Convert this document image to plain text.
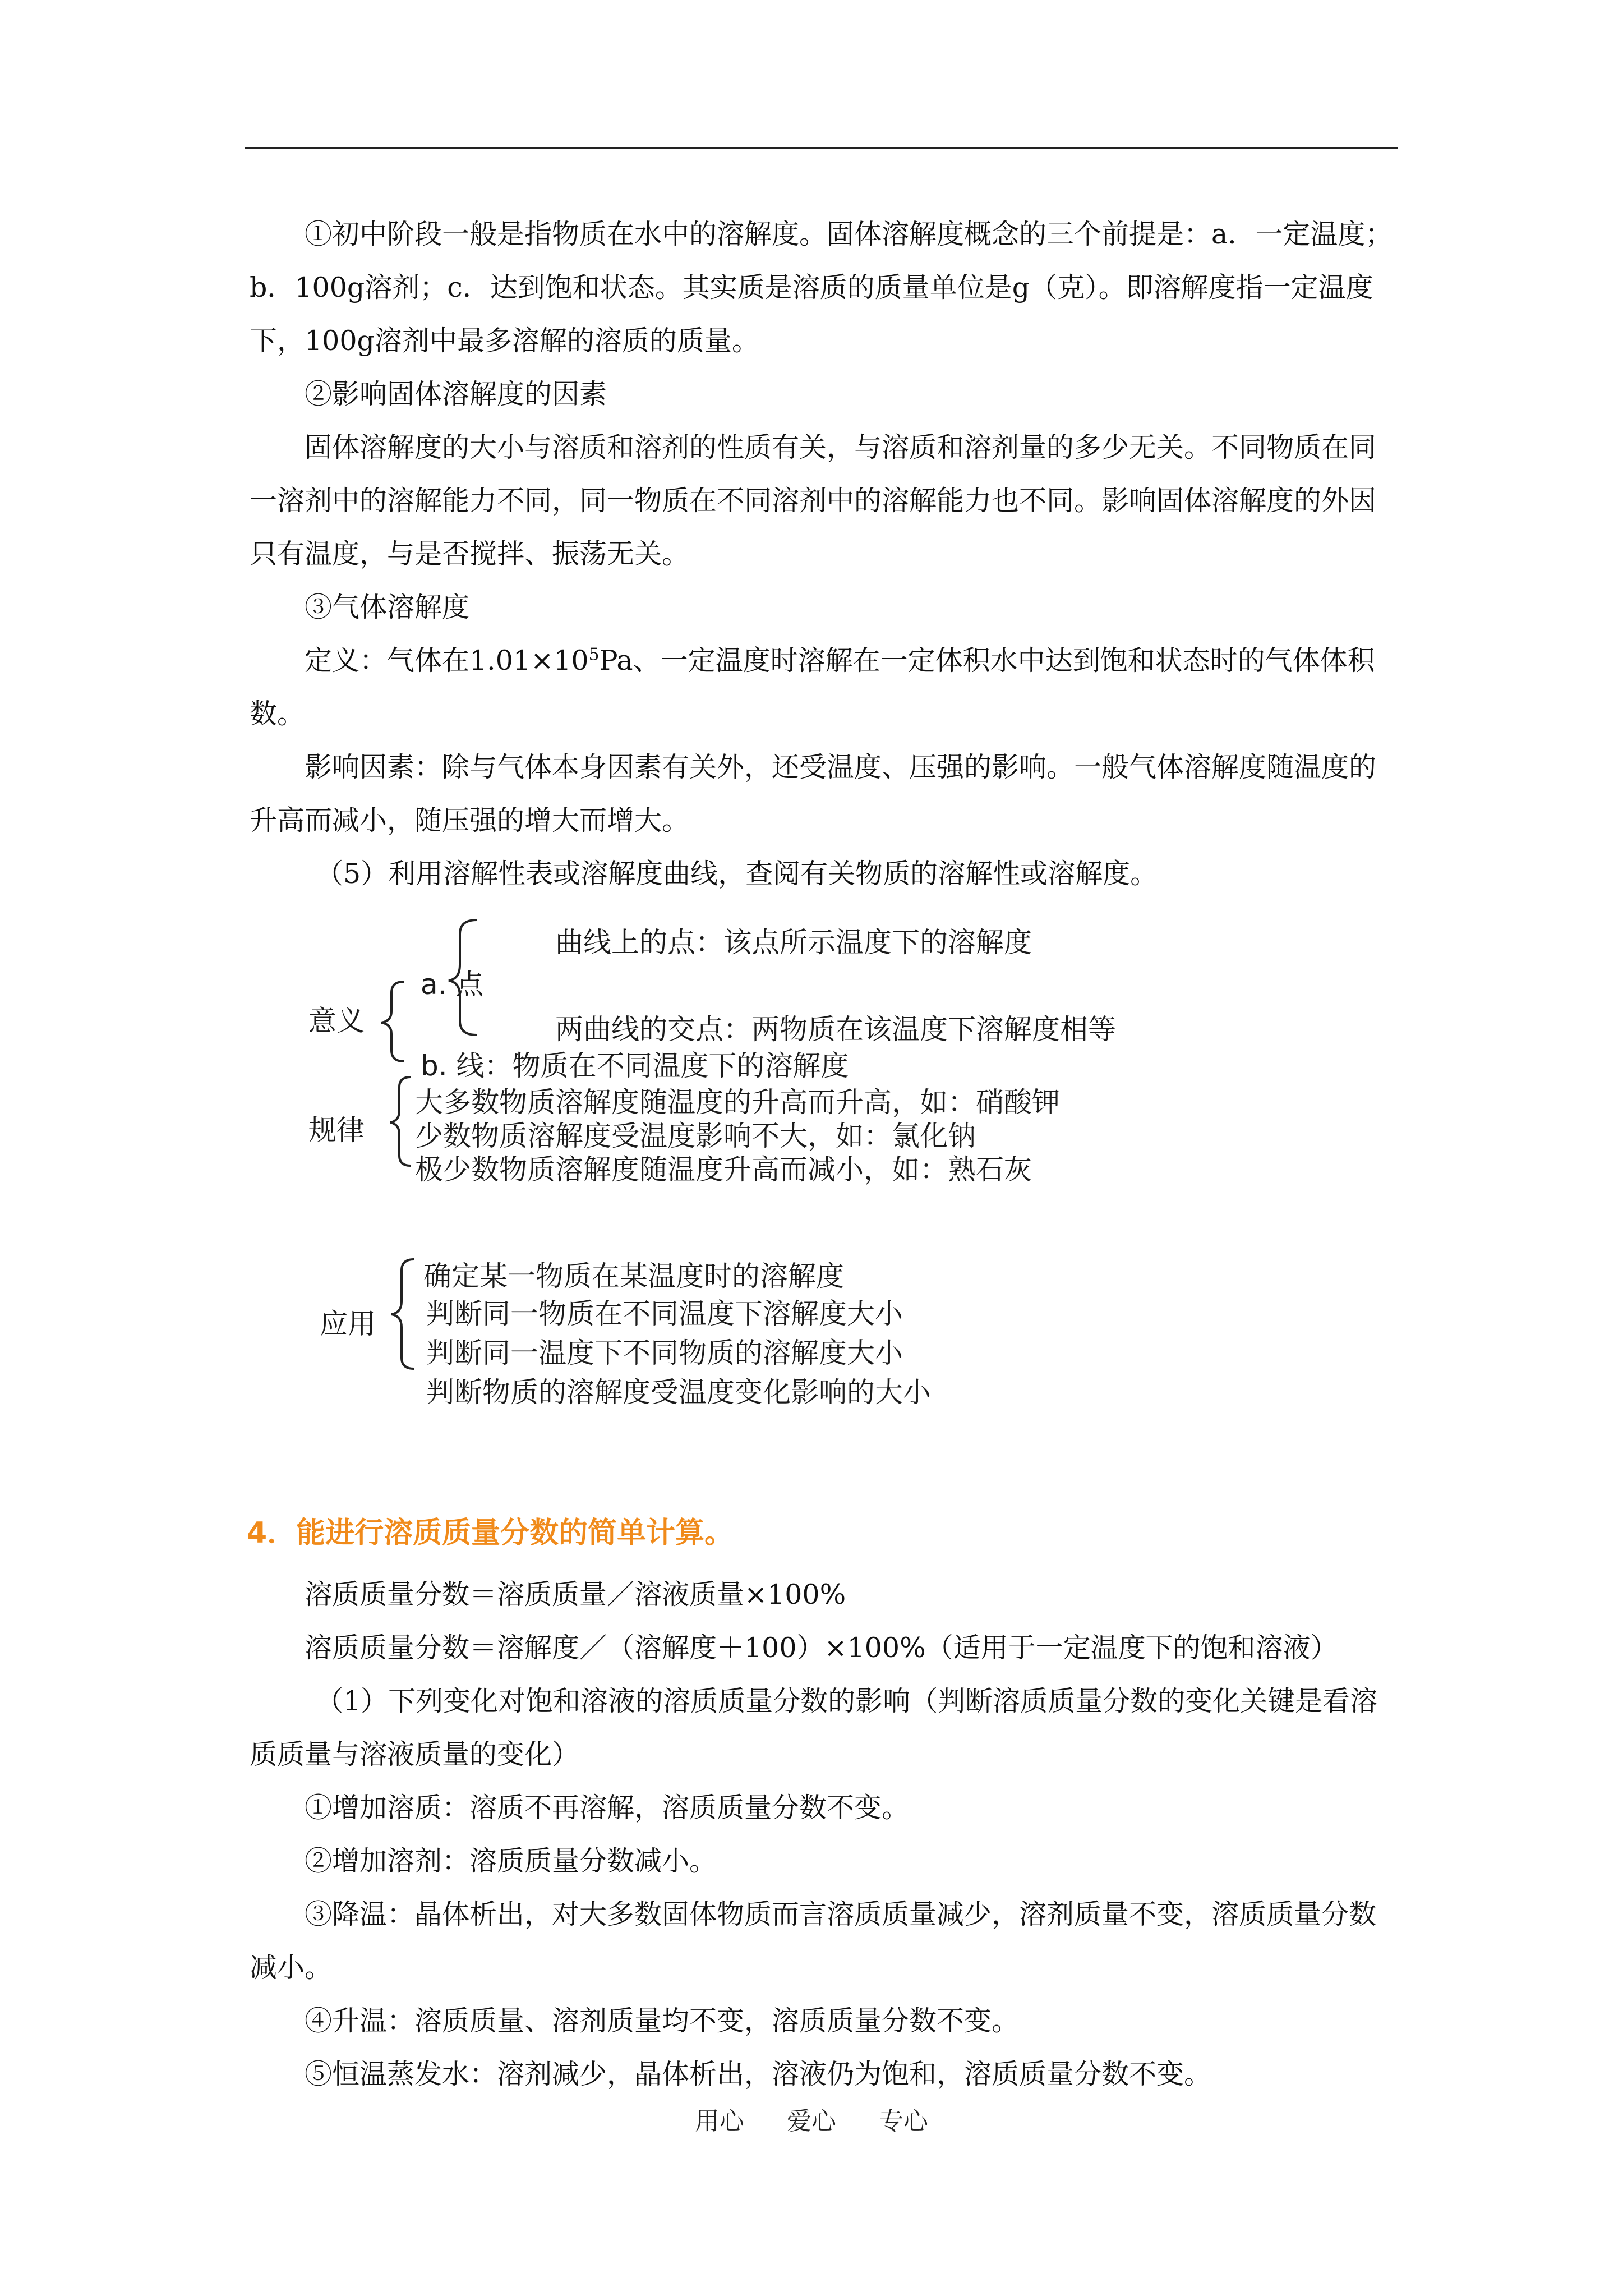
①初中阶段一般是指物质在水中的溶解度。固体溶解度概念的三个前提是：a．一定温度；b．100g溶剂；c．达到饱和状态。其实质是溶质的质量单位是g（克）。即溶解度指一定温度下，100g溶剂中最多溶解的溶质的质量。

②影响固体溶解度的因素

固体溶解度的大小与溶质和溶剂的性质有关，与溶质和溶剂量的多少无关。不同物质在同一溶剂中的溶解能力不同，同一物质在不同溶剂中的溶解能力也不同。影响固体溶解度的外因只有温度，与是否搅拌、振荡无关。

③气体溶解度

定义：气体在$1.01\times 10^5Pa$、一定温度时溶解在一定体积水中达到饱和状态时的气体体积数。

影响因素：除与气体本身因素有关外，还受温度、压强的影响。一般气体溶解度随温度的升高而减小，随压强的增大而增大。

（5）利用溶解性表或溶解度曲线，查阅有关物质的溶解性或溶解度。

曲线上的点：该点所示温度下的溶解度
a. 点
意义	两曲线的交点：两物质在该温度下溶解度相等
b. 线：物质在不同温度下的溶解度
大多数物质溶解度随温度的升高而升高，如：硝酸钾
规律 少数物质溶解度受温度影响不大，如：氯化钠
极少数物质溶解度随温度升高而减小，如：熟石灰
确定某一物质在某温度时的溶解度
判断同一物质在不同温度下溶解度大小
应用
判断同一温度下不同物质的溶解度大小
判断物质的溶解度受温度变化影响的大小
4．能进行溶质质量分数的简单计算。

溶质质量分数＝溶质质量／溶液质量×100%

溶质质量分数＝溶解度／（溶解度＋100）×100%（适用于一定温度下的饱和溶液）

（1）下列变化对饱和溶液的溶质质量分数的影响（判断溶质质量分数的变化关键是看溶质质量与溶液质量的变化）

①增加溶质：溶质不再溶解，溶质质量分数不变。

②增加溶剂：溶质质量分数减小。

③降温：晶体析出，对大多数固体物质而言溶质质量减少，溶剂质量不变，溶质质量分数减小。

④升温：溶质质量、溶剂质量均不变，溶质质量分数不变。

⑤恒温蒸发水：溶剂减少，晶体析出，溶液仍为饱和，溶质质量分数不变。

用心 爱心 专心
